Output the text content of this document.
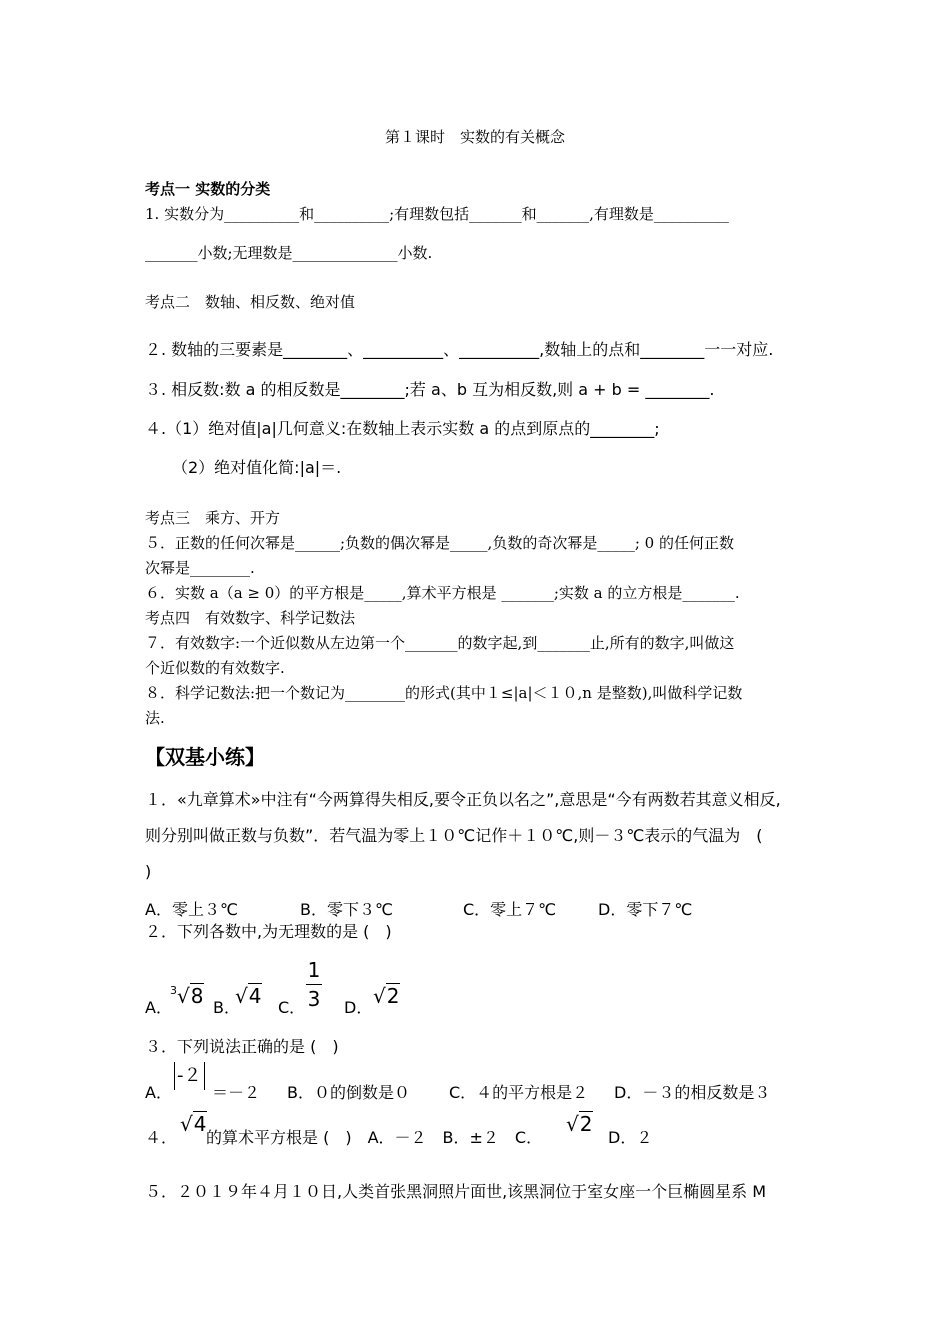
第１课时　实数的有关概念
考点一 实数的分类
1. 实数分为__________和__________;有理数包括_______和_______,有理数是__________
_______小数;无理数是______________小数.
考点二　数轴、相反数、绝对值
２. 数轴的三要素是________、__________、__________,数轴上的点和________一一对应.
３. 相反数:数 a 的相反数是________;若 a、b 互为相反数,则 a + b = ________.
４.（1）绝对值|a|几何意义:在数轴上表示实数 a 的点到原点的________;
（2）绝对值化简:|a|＝.
考点三　乘方、开方
５．正数的任何次幂是______;负数的偶次幂是_____,负数的奇次幂是_____; 0 的任何正数
次幂是________.
６．实数 a（a ≥ 0）的平方根是_____,算术平方根是 _______;实数 a 的立方根是_______.
考点四　有效数字、科学记数法
７．有效数字:一个近似数从左边第一个_______的数字起,到_______止,所有的数字,叫做这
个近似数的有效数字.
８．科学记数法:把一个数记为________的形式(其中１≤|a|＜１０,n 是整数),叫做科学记数
法.
【双基小练】
１．«九章算术»中注有“今两算得失相反,要令正负以名之”,意思是“今有两数若其意义相反,
则分别叫做正数与负数”．若气温为零上１０℃记作＋１０℃,则－３℃表示的气温为　(
)
A．零上３℃	B．零下３℃	C．零上７℃	D．零下７℃
２．下列各数中,为无理数的是 (　)
A．
$^3$√8 B．
√4 C．
1
3 D． √2
３．下列说法正确的是 (　)
A．
-２
＝－２ B．０的倒数是０ C．４的平方根是２ D．－３的相反数是３
４．
√4
的算术平方根是 (　)　A．－２　B．±２　C．
√2
D．２
５．２０１９年４月１０日,人类首张黑洞照片面世,该黑洞位于室女座一个巨椭圆星系 M
